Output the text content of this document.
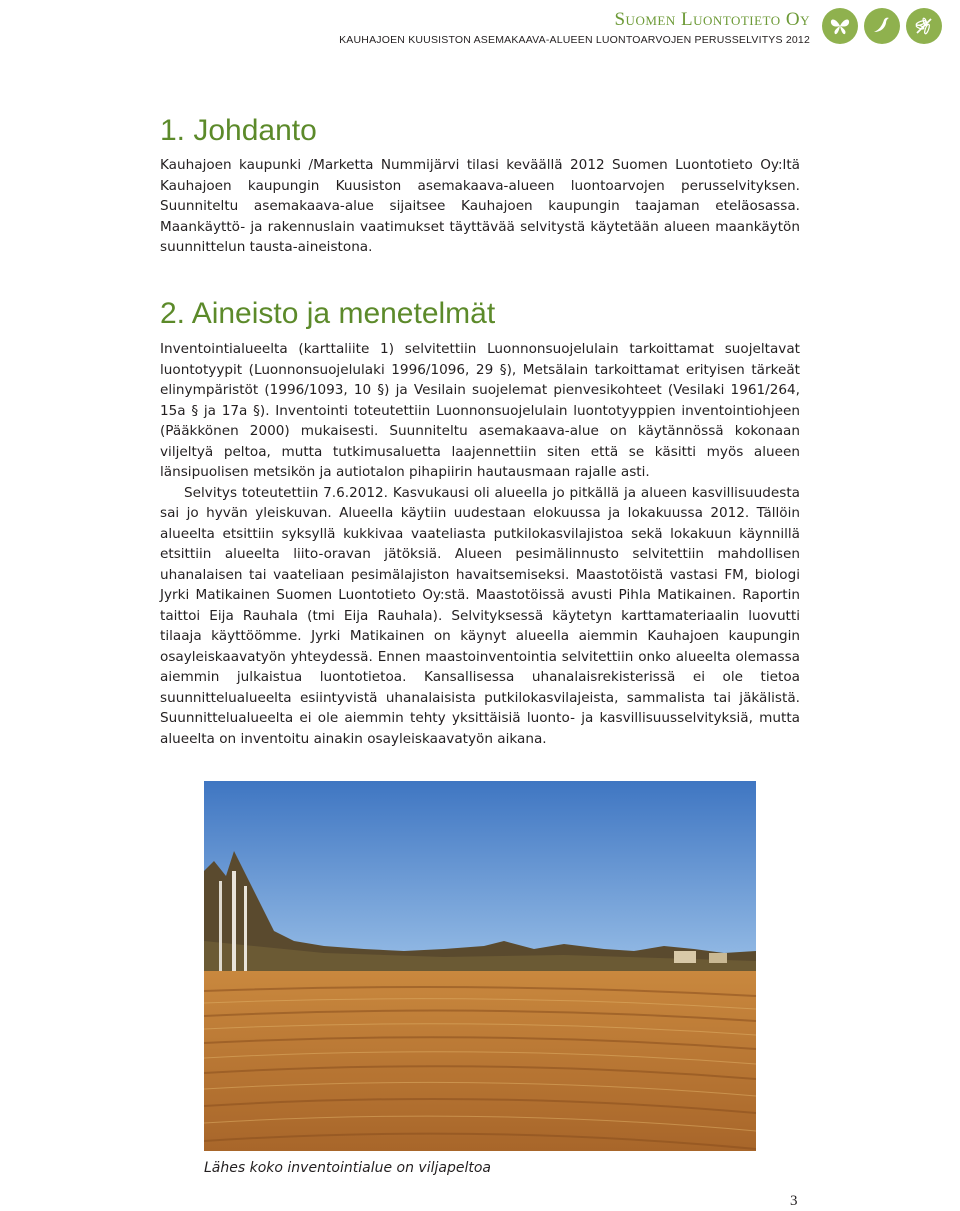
Suomen Luontotieto Oy
KAUHAJOEN KUUSISTON ASEMAKAAVA-ALUEEN LUONTOARVOJEN PERUSSELVITYS 2012
1. Johdanto

Kauhajoen kaupunki /Marketta Nummijärvi tilasi keväällä 2012 Suomen Luontotieto Oy:ltä Kauhajoen kaupungin Kuusiston asemakaava-alueen luontoarvojen perusselvityksen. Suunniteltu asemakaava-alue sijaitsee Kauhajoen kaupungin taajaman eteläosassa. Maankäyttö- ja rakennuslain vaatimukset täyttävää selvitystä käytetään alueen maankäytön suunnittelun tausta-aineistona.

2. Aineisto ja menetelmät

Inventointialueelta (karttaliite 1) selvitettiin Luonnonsuojelulain tarkoittamat suojeltavat luontotyypit (Luonnonsuojelulaki 1996/1096, 29 §), Metsälain tarkoittamat erityisen tärkeät elinympäristöt (1996/1093, 10 §) ja Vesilain suojelemat pienvesikohteet (Vesilaki 1961/264, 15a § ja 17a §). Inventointi toteutettiin Luonnonsuojelulain luontotyyppien inventointiohjeen (Pääkkönen 2000) mukaisesti. Suunniteltu asemakaava-alue on käytännössä kokonaan viljeltyä peltoa, mutta tutkimusaluetta laajennettiin siten että se käsitti myös alueen länsipuolisen metsikön ja autiotalon pihapiirin hautausmaan rajalle asti.

Selvitys toteutettiin 7.6.2012. Kasvukausi oli alueella jo pitkällä ja alueen kasvillisuudesta sai jo hyvän yleiskuvan. Alueella käytiin uudestaan elokuussa ja lokakuussa 2012. Tällöin alueelta etsittiin syksyllä kukkivaa vaateliasta putkilokasvilajistoa sekä lokakuun käynnillä etsittiin alueelta liito-oravan jätöksiä. Alueen pesimälinnusto selvitettiin mahdollisen uhanalaisen tai vaateliaan pesimälajiston havaitsemiseksi. Maastotöistä vastasi FM, biologi Jyrki Matikainen Suomen Luontotieto Oy:stä. Maastotöissä avusti Pihla Matikainen. Raportin taittoi Eija Rauhala (tmi Eija Rauhala). Selvityksessä käytetyn karttamateriaalin luovutti tilaaja käyttöömme. Jyrki Matikainen on käynyt alueella aiemmin Kauhajoen kaupungin osayleiskaavatyön yhteydessä. Ennen maastoinventointia selvitettiin onko alueelta olemassa aiemmin julkaistua luontotietoa. Kansallisessa uhanalaisrekisterissä ei ole tietoa suunnittelualueelta esiintyvistä uhanalaisista putkilokasvilajeista, sammalista tai jäkälistä. Suunnittelualueelta ei ole aiemmin tehty yksittäisiä luonto- ja kasvillisuusselvityksiä, mutta alueelta on inventoitu ainakin osayleiskaavatyön aikana.

Lähes koko inventointialue on viljapeltoa
3
